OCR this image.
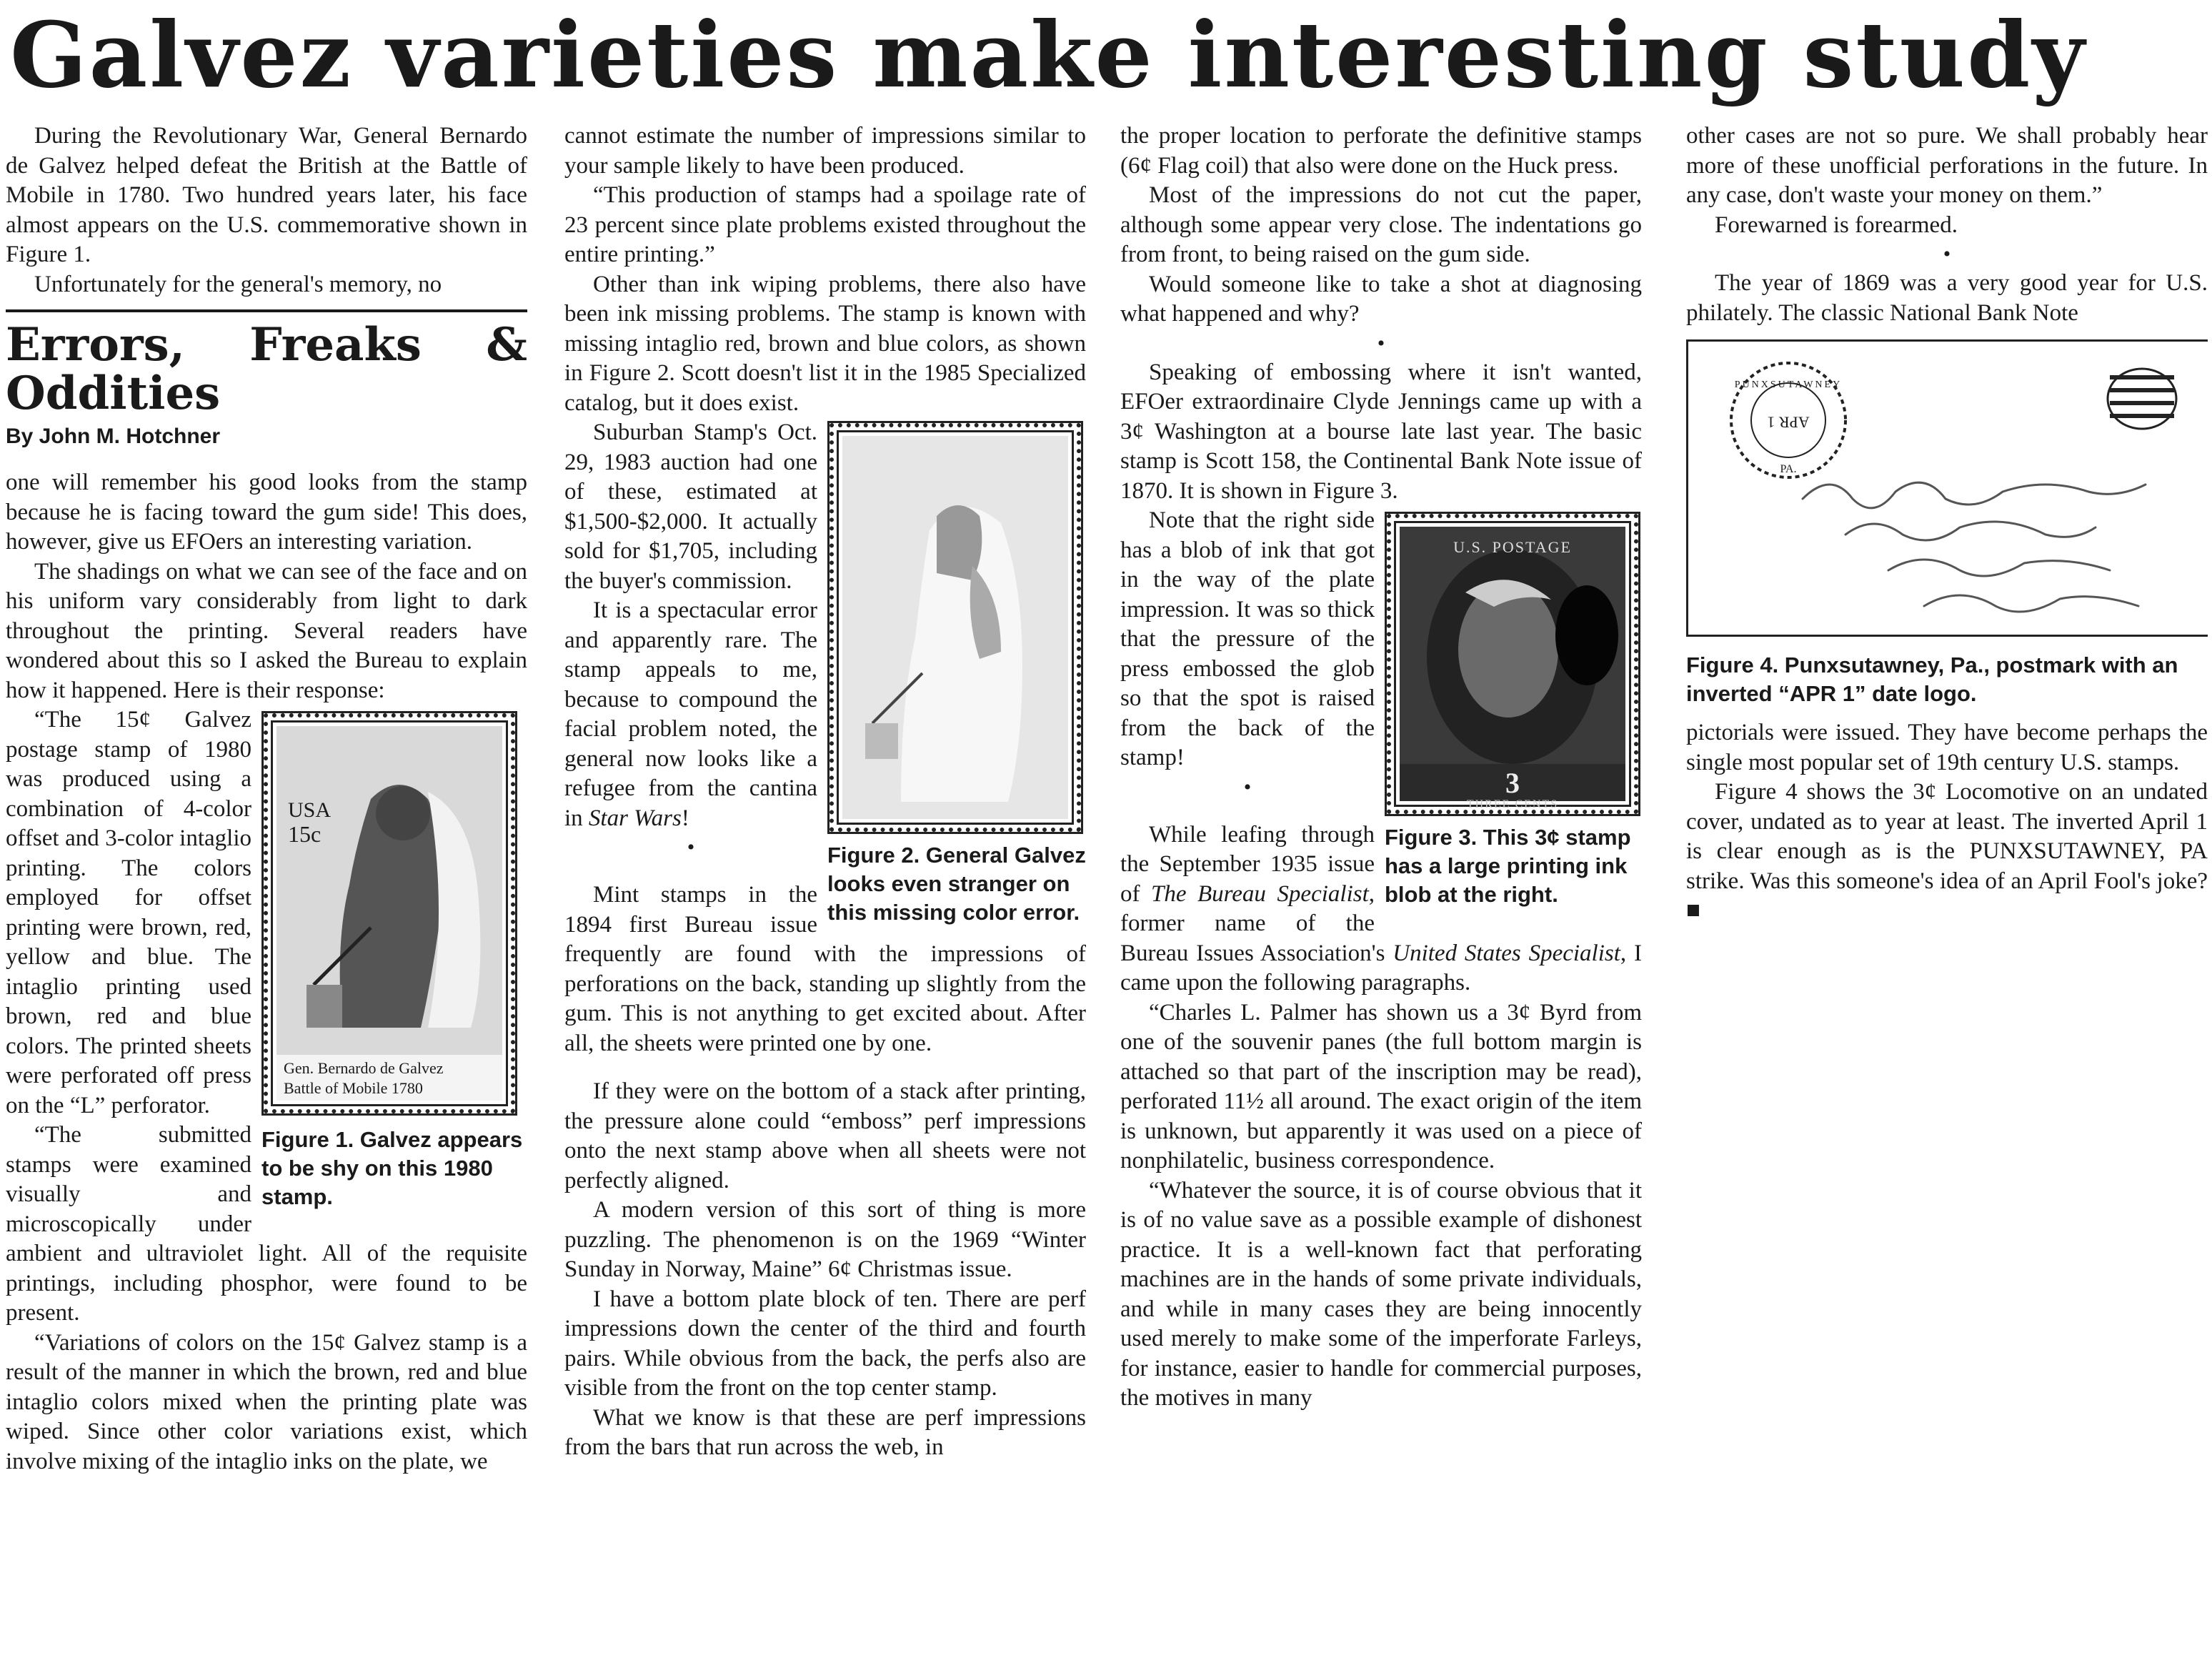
Galvez varieties make interesting study

During the Revolutionary War, General Bernardo de Galvez helped defeat the British at the Battle of Mobile in 1780. Two hundred years later, his face almost appears on the U.S. commemorative shown in Figure 1.

Unfortunately for the general's memory, no

Errors, Freaks & Oddities
By John M. Hotchner

one will remember his good looks from the stamp because he is facing toward the gum side! This does, however, give us EFOers an interesting variation.

The shadings on what we can see of the face and on his uniform vary considerably from light to dark throughout the printing. Several readers have wondered about this so I asked the Bureau to explain how it happened. Here is their response:

USA
15c
Gen. Bernardo de Galvez
Battle of Mobile 1780
Figure 1. Galvez appears to be shy on this 1980 stamp.

“The 15¢ Galvez postage stamp of 1980 was produced using a combination of 4-color offset and 3-color intaglio printing. The colors employed for offset printing were brown, red, yellow and blue. The intaglio printing used brown, red and blue colors. The printed sheets were perforated off press on the “L” perforator.

“The submitted stamps were examined visually and microscopically under ambient and ultraviolet light. All of the requisite printings, including phosphor, were found to be present.

“Variations of colors on the 15¢ Galvez stamp is a result of the manner in which the brown, red and blue intaglio colors mixed when the printing plate was wiped. Since other color variations exist, which involve mixing of the intaglio inks on the plate, we

cannot estimate the number of impressions similar to your sample likely to have been produced.

“This production of stamps had a spoilage rate of 23 percent since plate problems existed throughout the entire printing.”

Other than ink wiping problems, there also have been ink missing problems. The stamp is known with missing intaglio red, brown and blue colors, as shown in Figure 2. Scott doesn't list it in the 1985 Specialized catalog, but it does exist.

Figure 2. General Galvez looks even stranger on this missing color error.

Suburban Stamp's Oct. 29, 1983 auction had one of these, estimated at $1,500-$2,000. It actually sold for $1,705, including the buyer's commission.

It is a spectacular error and apparently rare. The stamp appeals to me, because to compound the facial problem noted, the general now looks like a refugee from the cantina in Star Wars!

•

Mint stamps in the 1894 first Bureau issue frequently are found with the impressions of perforations on the back, standing up slightly from the gum. This is not anything to get excited about. After all, the sheets were printed one by one.

If they were on the bottom of a stack after printing, the pressure alone could “emboss” perf impressions onto the next stamp above when all sheets were not perfectly aligned.

A modern version of this sort of thing is more puzzling. The phenomenon is on the 1969 “Winter Sunday in Norway, Maine” 6¢ Christmas issue.

I have a bottom plate block of ten. There are perf impressions down the center of the third and fourth pairs. While obvious from the back, the perfs also are visible from the front on the top center stamp.

What we know is that these are perf impressions from the bars that run across the web, in

the proper location to perforate the definitive stamps (6¢ Flag coil) that also were done on the Huck press.

Most of the impressions do not cut the paper, although some appear very close. The indentations go from front, to being raised on the gum side.

Would someone like to take a shot at diagnosing what happened and why?

•

Speaking of embossing where it isn't wanted, EFOer extraordinaire Clyde Jennings came up with a 3¢ Washington at a bourse late last year. The basic stamp is Scott 158, the Continental Bank Note issue of 1870. It is shown in Figure 3.

U.S. POSTAGE
3
THREE CENTS
Figure 3. This 3¢ stamp has a large printing ink blob at the right.

Note that the right side has a blob of ink that got in the way of the plate impression. It was so thick that the pressure of the press embossed the glob so that the spot is raised from the back of the stamp!

•

While leafing through the September 1935 issue of The Bureau Specialist, former name of the Bureau Issues Association's United States Specialist, I came upon the following paragraphs.

“Charles L. Palmer has shown us a 3¢ Byrd from one of the souvenir panes (the full bottom margin is attached so that part of the inscription may be read), perforated 11½ all around. The exact origin of the item is unknown, but apparently it was used on a piece of nonphilatelic, business correspondence.

“Whatever the source, it is of course obvious that it is of no value save as a possible example of dishonest practice. It is a well-known fact that perforating machines are in the hands of some private individuals, and while in many cases they are being innocently used merely to make some of the imperforate Farleys, for instance, easier to handle for commercial purposes, the motives in many

other cases are not so pure. We shall probably hear more of these unofficial perforations in the future. In any case, don't waste your money on them.”

Forewarned is forearmed.

•

The year of 1869 was a very good year for U.S. philately. The classic National Bank Note

APR 1
PUNXSUTAWNEY
PA.
Figure 4. Punxsutawney, Pa., postmark with an inverted “APR 1” date logo.

pictorials were issued. They have become perhaps the single most popular set of 19th century U.S. stamps.

Figure 4 shows the 3¢ Locomotive on an undated cover, undated as to year at least. The inverted April 1 is clear enough as is the PUNXSUTAWNEY, PA strike. Was this someone's idea of an April Fool's joke? ■
